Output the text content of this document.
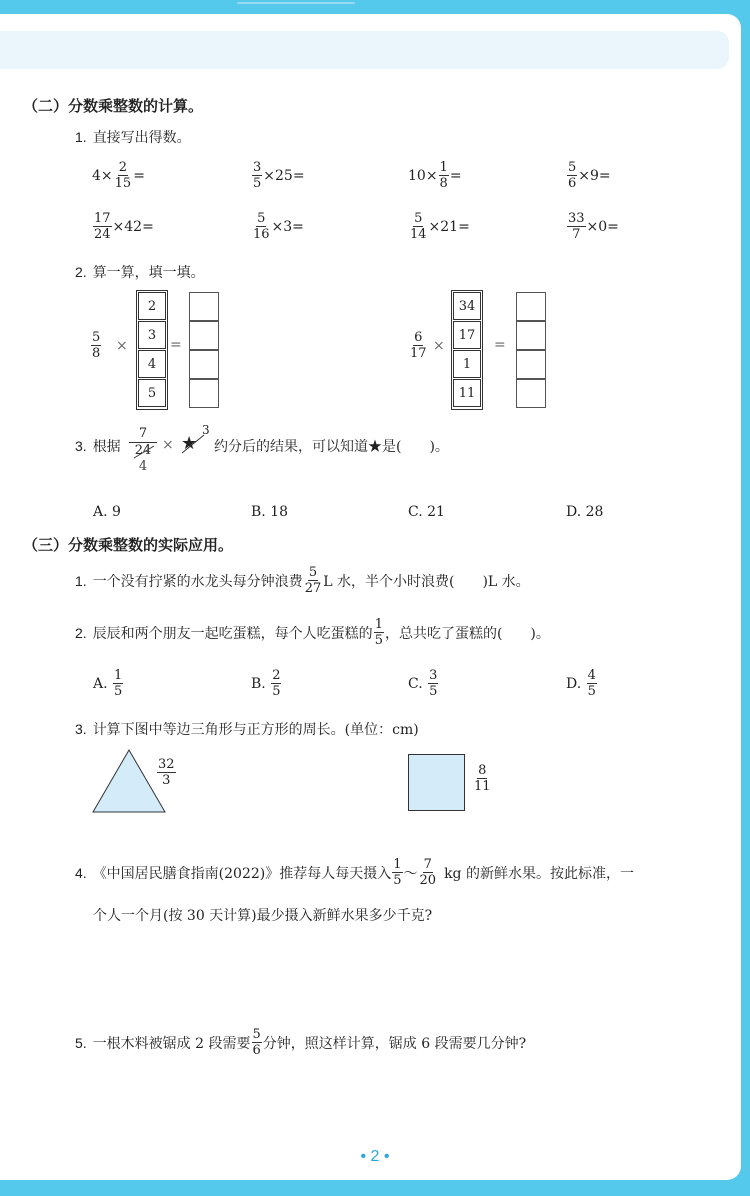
（二）分数乘整数的计算。
1. 直接写出得数。
$4\times \frac{2}{15}$ =	$\frac{3}{5} \times 25=$	$10\times \frac{1}{8}$ =	$\frac{5}{6} \times 9=$
$\frac{17}{24} \times 42=$	$\frac{5}{16} \times 3=$	$\frac{5}{14} \times 21=$	$\frac{33}{7} \times 0=$
2. 算一算，填一填。
$\frac{5}{8}$ ×
2
3
4
5
=	$\frac{6}{17}$ ×
34
17
1
11
=
3. 根据
7
24
4
× ★
3
约分后的结果，可以知道★是(　　)。
A. 9	B. 18	C. 21	D. 28
（三）分数乘整数的实际应用。
1. 一个没有拧紧的水龙头每分钟浪费 $\frac{5}{27}$ L 水，半个小时浪费(　　)L 水。
2. 辰辰和两个朋友一起吃蛋糕，每个人吃蛋糕的 $\frac{1}{5}$ ，总共吃了蛋糕的(　　)。
A.
$\frac{1}{5}$	B.
$\frac{2}{5}$	C.
$\frac{3}{5}$	D.
$\frac{4}{5}$
3. 计算下图中等边三角形与正方形的周长。(单位：cm)
$\frac{32}{3}$	$\frac{8}{11}$
4. 《中国居民膳食指南(2022)》推荐每人每天摄入 $\frac{1}{5}$ ～ $\frac{7}{20}$ kg 的新鲜水果。按此标准，一
个人一个月(按 30 天计算)最少摄入新鲜水果多少千克?
5. 一根木料被锯成 2 段需要 $\frac{5}{6}$ 分钟，照这样计算，锯成 6 段需要几分钟?
• 2 •
